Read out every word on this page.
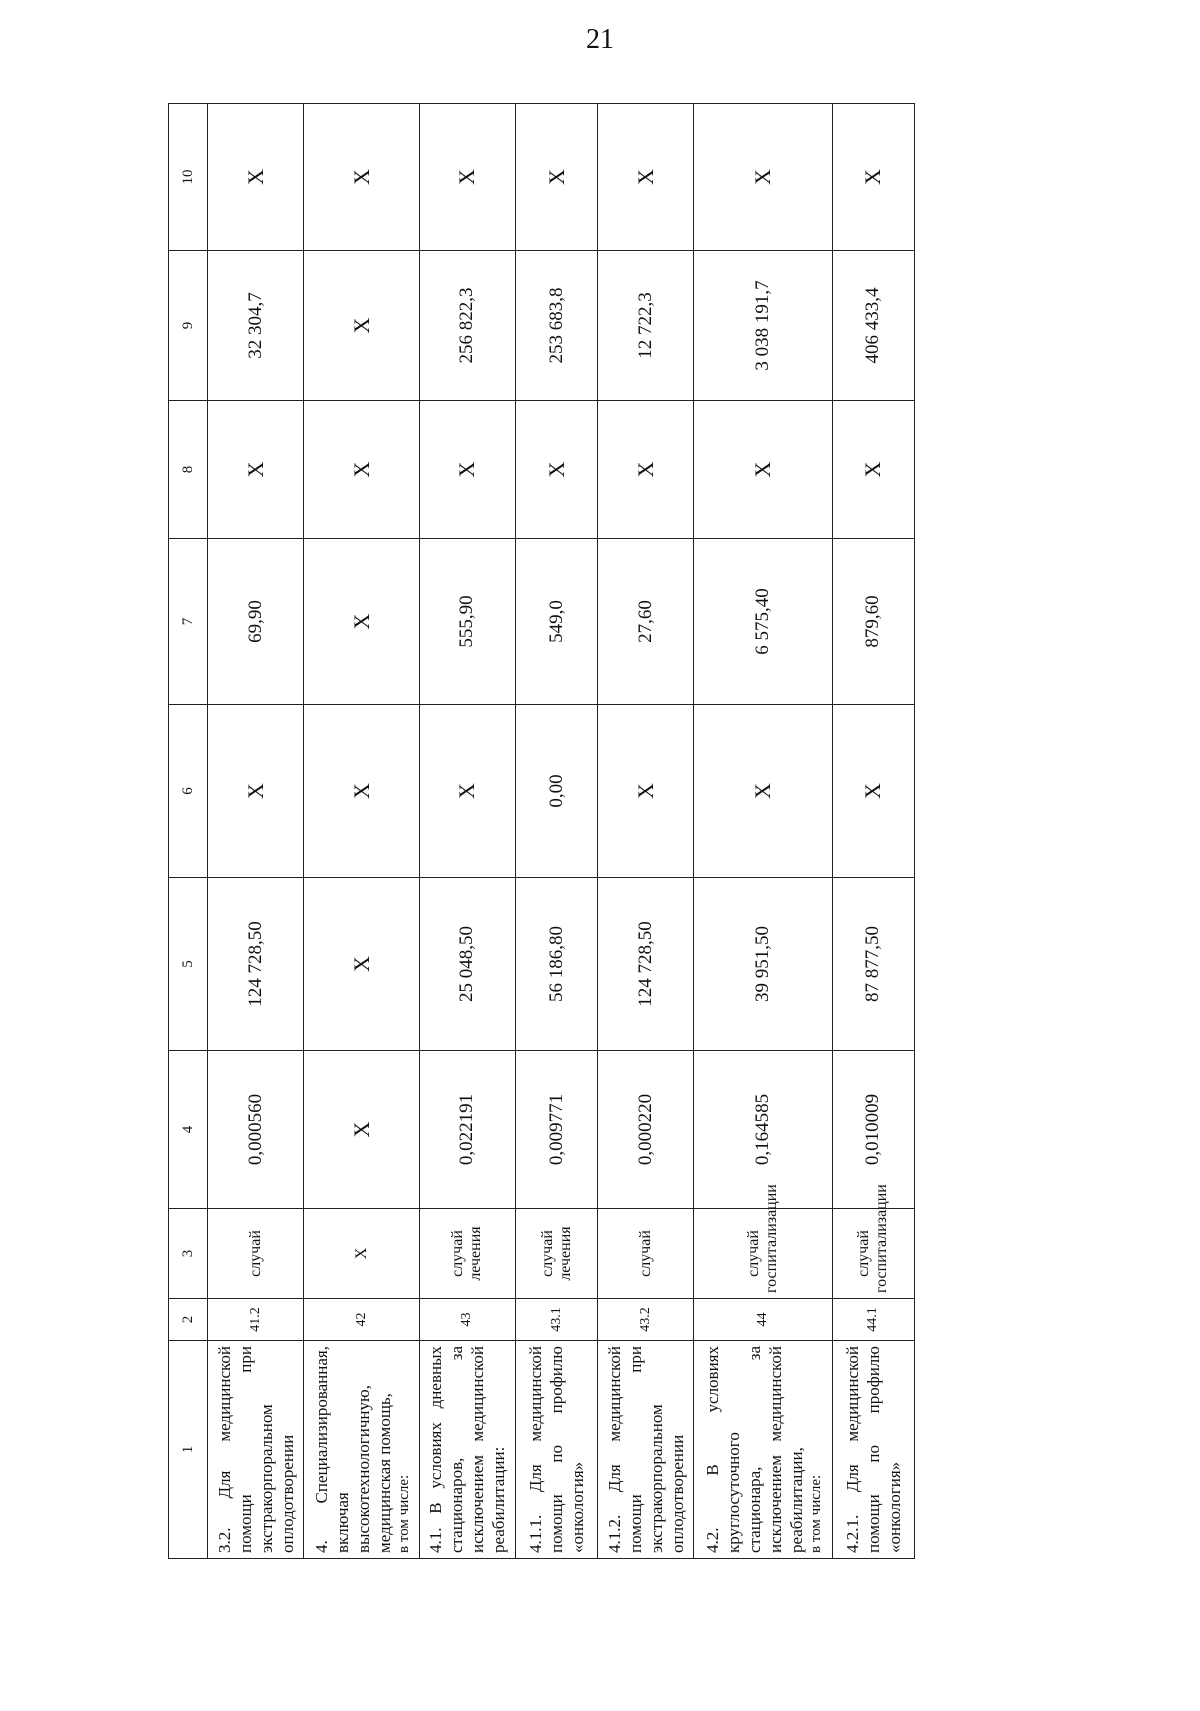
21
1	2	3	4	5	6	7	8	9	10
3.2. Для медицинской помощи при экстракорпоральном оплодотворении	41.2	случай	0,000560	124 728,50	Х	69,90	Х	32 304,7	Х
4. Специализированная, включая высокотехнологичную, медицинская помощь, в том числе:	42	Х	Х	Х	Х	Х	Х	Х	Х
4.1. В условиях дневных стационаров, за исключением медицинской реабилитации:	43	случай лечения	0,022191	25 048,50	Х	555,90	Х	256 822,3	Х
4.1.1. Для медицинской помощи по профилю «онкология»	43.1	случай лечения	0,009771	56 186,80	0,00	549,0	Х	253 683,8	Х
4.1.2. Для медицинской помощи при экстракорпоральном оплодотворении	43.2	случай	0,000220	124 728,50	Х	27,60	Х	12 722,3	Х
4.2. В условиях круглосуточного стационара, за исключением медицинской реабилитации, в том числе:	44	случай госпитализации	0,164585	39 951,50	Х	6 575,40	Х	3 038 191,7	Х
4.2.1. Для медицинской помощи по профилю «онкология»	44.1	случай госпитализации	0,010009	87 877,50	Х	879,60	Х	406 433,4	Х
